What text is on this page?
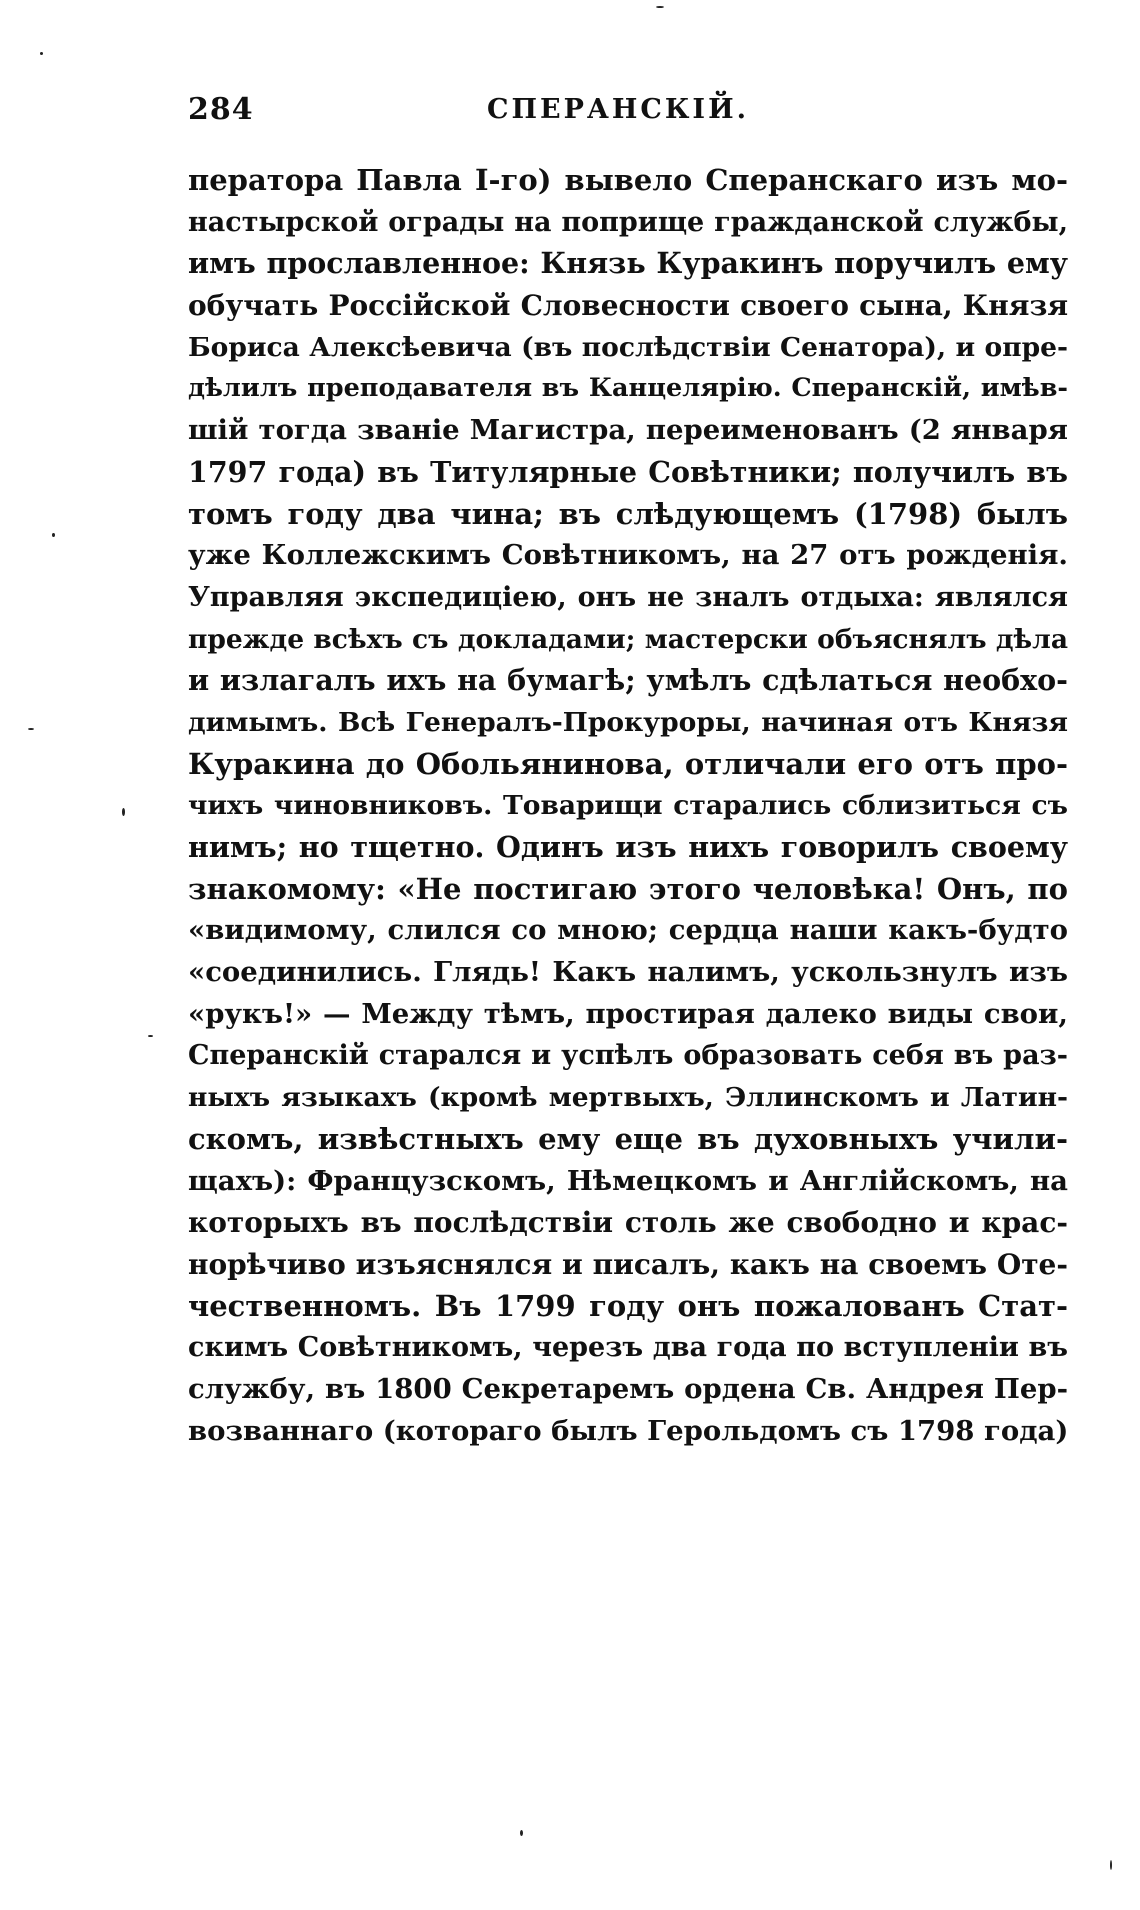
284	СПЕРАНСКІЙ.
ператора Павла І-го) вывело Сперанскаго изъ мо-
настырской ограды на поприще гражданской службы,
имъ прославленное: Князь Куракинъ поручилъ ему
обучать Россійской Словесности своего сына, Князя
Бориса Алексѣевича (въ послѣдствіи Сенатора), и опре-
дѣлилъ преподавателя въ Канцелярію. Сперанскій, имѣв-
шій тогда званіе Магистра, переименованъ (2 января
1797 года) въ Титулярные Совѣтники; получилъ въ
томъ году два чина; въ слѣдующемъ (1798) былъ
уже Коллежскимъ Совѣтникомъ, на 27 отъ рожденія.
Управляя экспедиціею, онъ не зналъ отдыха: являлся
прежде всѣхъ съ докладами; мастерски объяснялъ дѣла
и излагалъ ихъ на бумагѣ; умѣлъ сдѣлаться необхо-
димымъ. Всѣ Генералъ-Прокуроры, начиная отъ Князя
Куракина до Обольянинова, отличали его отъ про-
чихъ чиновниковъ. Товарищи старались сблизиться съ
нимъ; но тщетно. Одинъ изъ нихъ говорилъ своему
знакомому: «Не постигаю этого человѣка! Онъ, по
«видимому, слился со мною; сердца наши какъ-будто
«соединились. Глядь! Какъ налимъ, ускользнулъ изъ
«рукъ!» — Между тѣмъ, простирая далеко виды свои,
Сперанскій старался и успѣлъ образовать себя въ раз-
ныхъ языкахъ (кромѣ мертвыхъ, Эллинскомъ и Латин-
скомъ, извѣстныхъ ему еще въ духовныхъ учили-
щахъ): Французскомъ, Нѣмецкомъ и Англійскомъ, на
которыхъ въ послѣдствіи столь же свободно и крас-
норѣчиво изъяснялся и писалъ, какъ на своемъ Оте-
чественномъ. Въ 1799 году онъ пожалованъ Стат-
скимъ Совѣтникомъ, черезъ два года по вступленіи въ
службу, въ 1800 Секретаремъ ордена Св. Андрея Пер-
возваннаго (котораго былъ Герольдомъ съ 1798 года)
